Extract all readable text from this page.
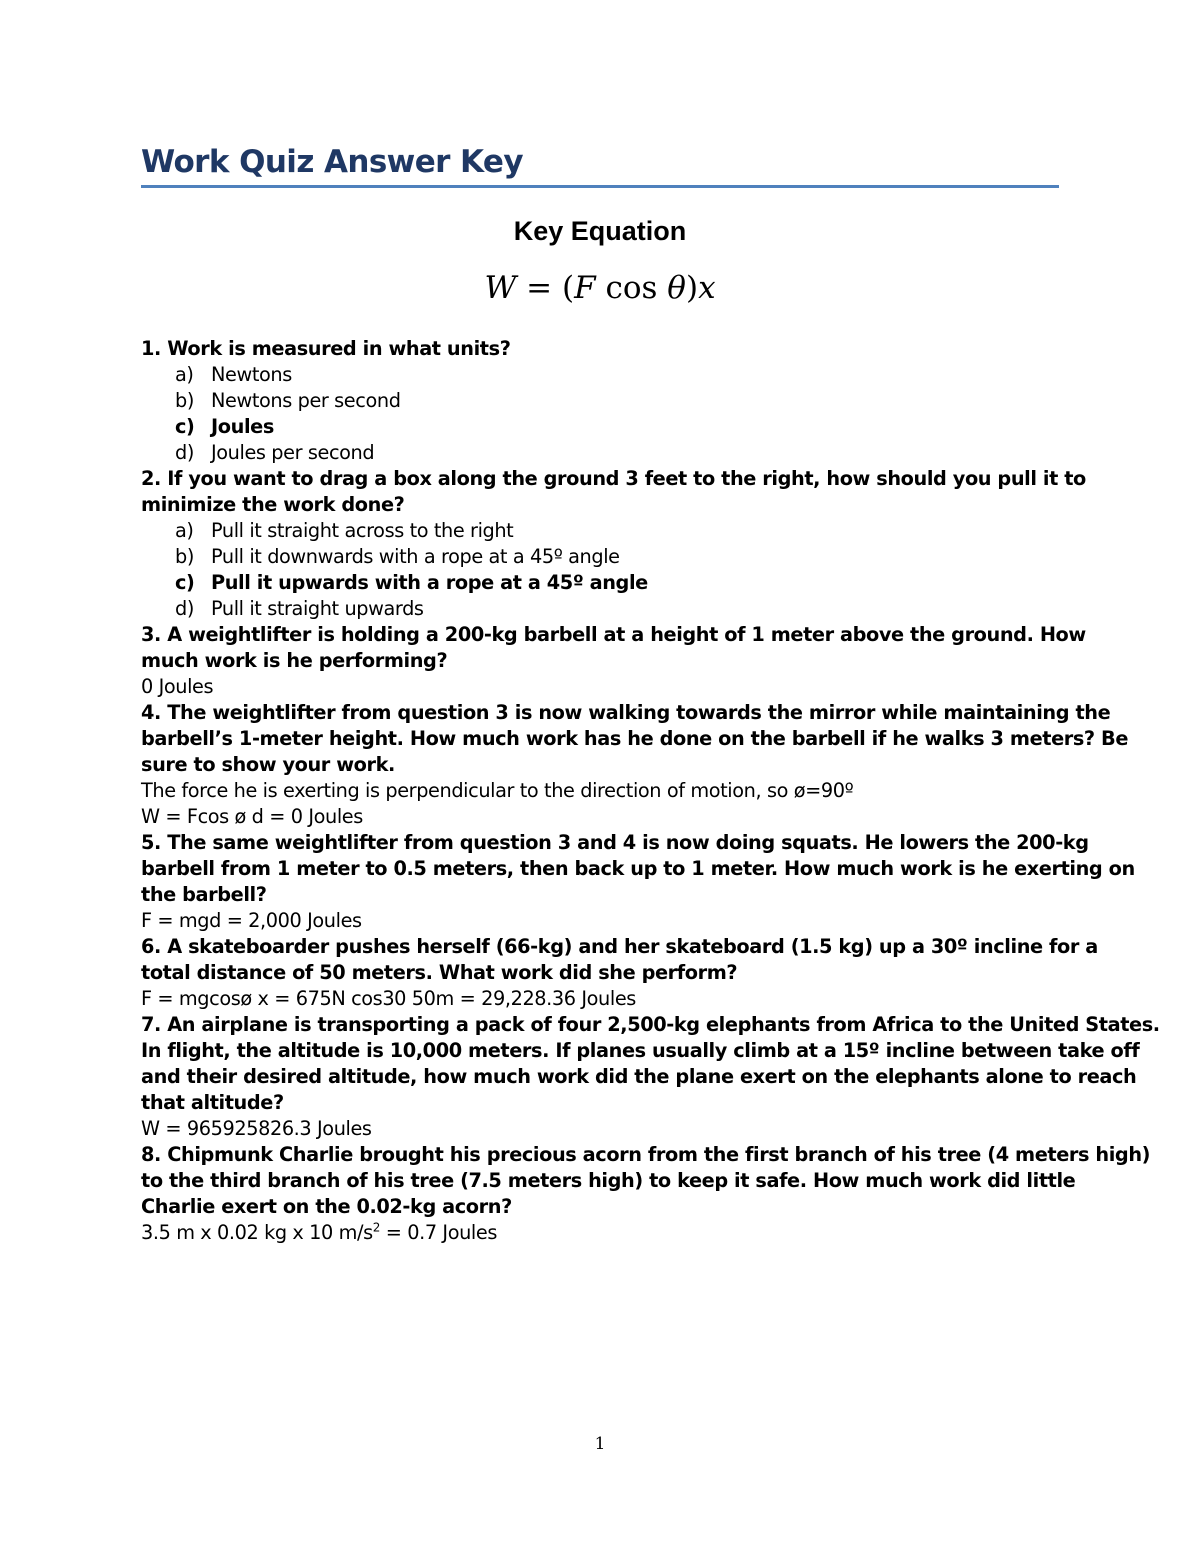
Work Quiz Answer Key
Key Equation
W = (F cos θ)x
1. Work is measured in what units?
a) Newtons
b) Newtons per second
c) Joules
d) Joules per second
2. If you want to drag a box along the ground 3 feet to the right, how should you pull it to
minimize the work done?
a) Pull it straight across to the right
b) Pull it downwards with a rope at a 45º angle
c) Pull it upwards with a rope at a 45º angle
d) Pull it straight upwards
3. A weightlifter is holding a 200-kg barbell at a height of 1 meter above the ground. How
much work is he performing?
0 Joules
4. The weightlifter from question 3 is now walking towards the mirror while maintaining the
barbell’s 1-meter height. How much work has he done on the barbell if he walks 3 meters? Be
sure to show your work.
The force he is exerting is perpendicular to the direction of motion, so ø=90º
W = Fcos ø d = 0 Joules
5. The same weightlifter from question 3 and 4 is now doing squats. He lowers the 200-kg
barbell from 1 meter to 0.5 meters, then back up to 1 meter. How much work is he exerting on
the barbell?
F = mgd = 2,000 Joules
6. A skateboarder pushes herself (66-kg) and her skateboard (1.5 kg) up a 30º incline for a
total distance of 50 meters. What work did she perform?
F = mgcosø x = 675N cos30 50m = 29,228.36 Joules
7. An airplane is transporting a pack of four 2,500-kg elephants from Africa to the United States.
In flight, the altitude is 10,000 meters. If planes usually climb at a 15º incline between take off
and their desired altitude, how much work did the plane exert on the elephants alone to reach
that altitude?
W = 965925826.3 Joules
8. Chipmunk Charlie brought his precious acorn from the first branch of his tree (4 meters high)
to the third branch of his tree (7.5 meters high) to keep it safe. How much work did little
Charlie exert on the 0.02-kg acorn?
3.5 m x 0.02 kg x 10 $m/s^2 = 0.7$ Joules
1
